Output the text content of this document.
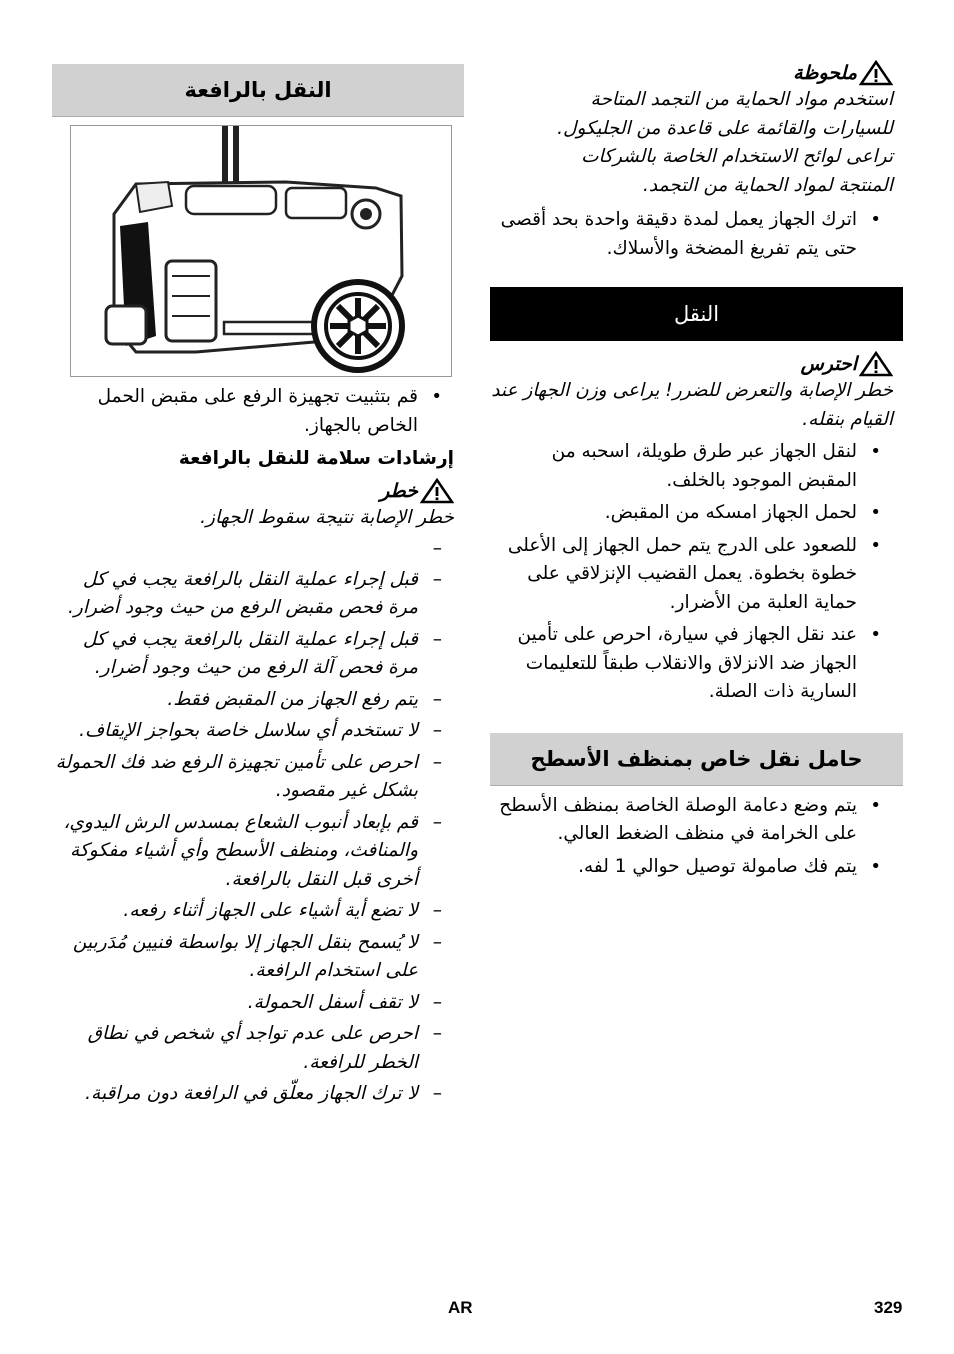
ملحوظة

استخدم مواد الحماية من التجمد المتاحة

للسيارات والقائمة على قاعدة من الجليكول.

تراعى لوائح الاستخدام الخاصة بالشركات

المنتجة لمواد الحماية من التجمد.

• اترك الجهاز يعمل لمدة دقيقة واحدة بحد أقصى حتى يتم تفريغ المضخة والأسلاك.
النقل
احترس

خطر الإصابة والتعرض للضرر! يراعى وزن الجهاز عند القيام بنقله.

• لنقل الجهاز عبر طرق طويلة، اسحبه من المقبض الموجود بالخلف.
• لحمل الجهاز امسكه من المقبض.
• للصعود على الدرج يتم حمل الجهاز إلى الأعلى خطوة بخطوة. يعمل القضيب الإنزلاقي على حماية العلبة من الأضرار.
• عند نقل الجهاز في سيارة، احرص على تأمين الجهاز ضد الانزلاق والانقلاب طبقاً للتعليمات السارية ذات الصلة.
حامل نقل خاص بمنظف الأسطح
• يتم وضع دعامة الوصلة الخاصة بمنظف الأسطح على الخرامة في منظف الضغط العالي.
• يتم فك صامولة توصيل حوالي 1 لفه.
النقل بالرافعة
• قم بتثبيت تجهيزة الرفع على مقبض الحمل الخاص بالجهاز.
إرشادات سلامة للنقل بالرافعة
خطر

خطر الإصابة نتيجة سقوط الجهاز.

–
– قبل إجراء عملية النقل بالرافعة يجب في كل مرة فحص مقبض الرفع من حيث وجود أضرار.
– قبل إجراء عملية النقل بالرافعة يجب في كل مرة فحص آلة الرفع من حيث وجود أضرار.
– يتم رفع الجهاز من المقبض فقط.
– لا تستخدم أي سلاسل خاصة بحواجز الإيقاف.
– احرص على تأمين تجهيزة الرفع ضد فك الحمولة بشكل غير مقصود.
– قم بإبعاد أنبوب الشعاع بمسدس الرش اليدوي، والمنافث، ومنظف الأسطح وأي أشياء مفكوكة أخرى قبل النقل بالرافعة.
– لا تضع أية أشياء على الجهاز أثناء رفعه.
– لا يُسمح بنقل الجهاز إلا بواسطة فنيين مُدَربين على استخدام الرافعة.
– لا تقف أسفل الحمولة.
– احرص على عدم تواجد أي شخص في نطاق الخطر للرافعة.
– لا ترك الجهاز معلّق في الرافعة دون مراقبة.
AR	329
